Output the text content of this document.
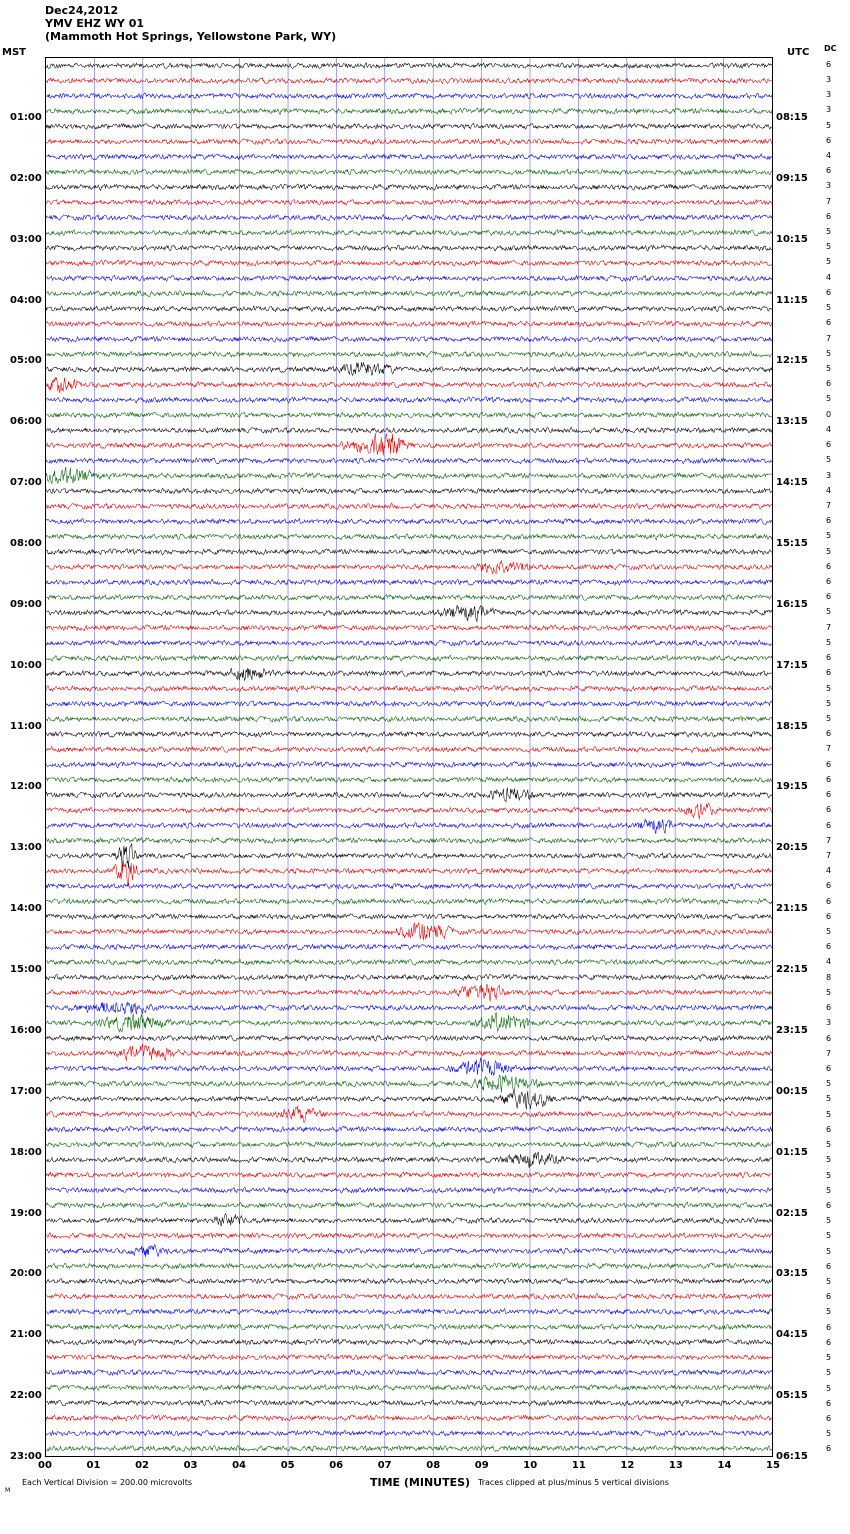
Dec24,2012
YMV EHZ WY 01
(Mammoth Hot Springs, Yellowstone Park, WY)
MST	UTC DC
01:00	08:15
02:00	09:15
03:00	10:15
04:00	11:15
05:00	12:15
06:00	13:15
07:00	14:15
08:00	15:15
09:00	16:15
10:00	17:15
11:00	18:15
12:00	19:15
13:00	20:15
14:00	21:15
15:00	22:15
16:00	23:15
17:00	00:15
18:00	01:15
19:00	02:15
20:00	03:15
21:00	04:15
22:00	05:15
23:00	06:15
6
3
3
3
5
6
4
6
3
7
6
5
5
5
4
6
5
6
7
5
5
6
5
0
4
6
5
3
4
7
6
5
5
6
6
6
5
7
5
6
6
5
5
5
6
7
6
6
6
6
6
7
7
4
6
6
6
5
6
4
8
5
6
3
6
7
6
5
5
5
6
5
5
5
5
6
5
5
5
6
5
6
5
6
6
5
5
5
6
6
5
6
00	01	02	03	04	05	06	07	08	09	10	11	12	13	14	15
TIME (MINUTES)
Each Vertical Division = 200.00 microvolts
M
Traces clipped at plus/minus 5 vertical divisions
